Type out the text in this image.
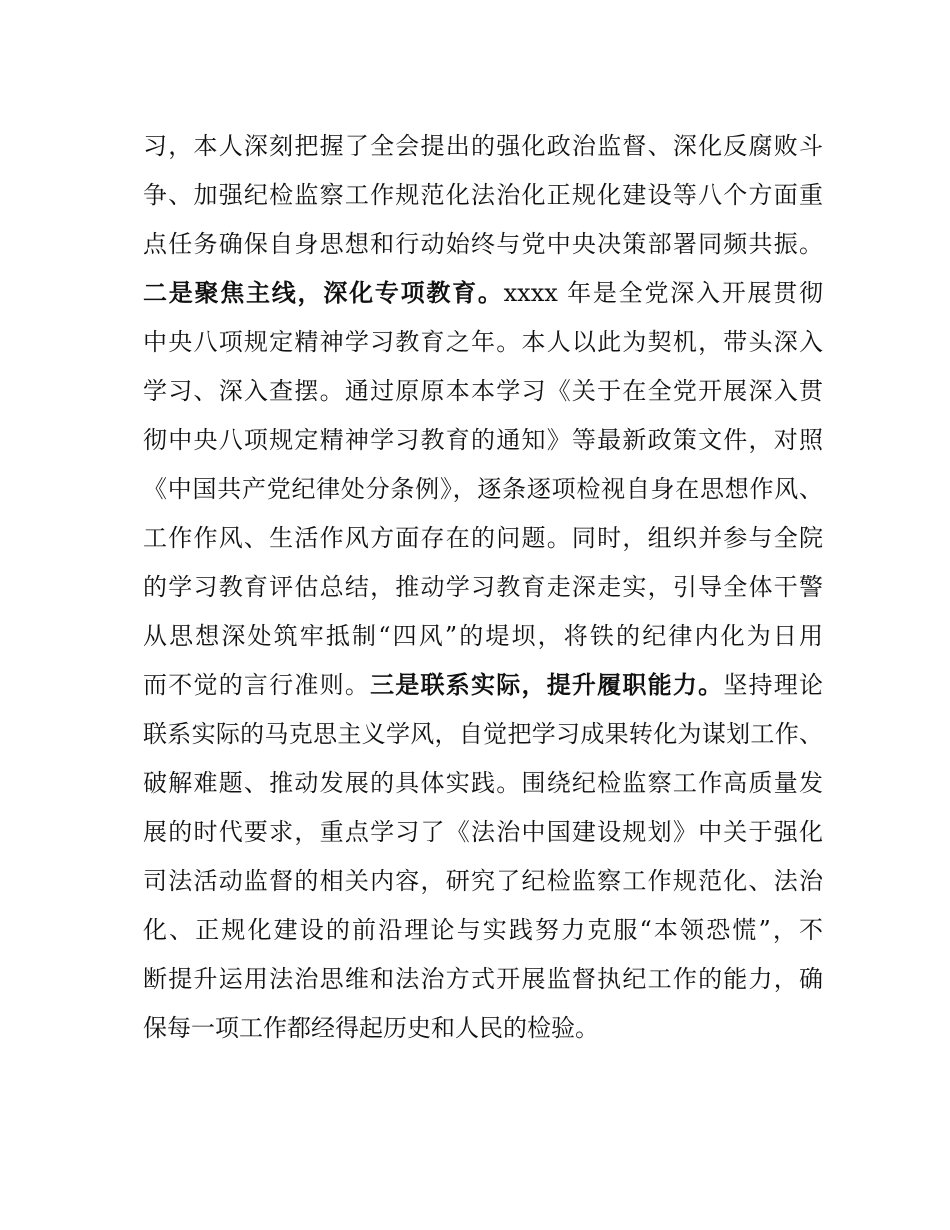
习，本人深刻把握了全会提出的强化政治监督、深化反腐败斗
争、加强纪检监察工作规范化法治化正规化建设等八个方面重
点任务确保自身思想和行动始终与党中央决策部署同频共振。
二是聚焦主线，深化专项教育。xxxx 年是全党深入开展贯彻
中央八项规定精神学习教育之年。本人以此为契机，带头深入
学习、深入查摆。通过原原本本学习《关于在全党开展深入贯
彻中央八项规定精神学习教育的通知》等最新政策文件，对照
《中国共产党纪律处分条例》，逐条逐项检视自身在思想作风、
工作作风、生活作风方面存在的问题。同时，组织并参与全院
的学习教育评估总结，推动学习教育走深走实，引导全体干警
从思想深处筑牢抵制“四风”的堤坝，将铁的纪律内化为日用
而不觉的言行准则。三是联系实际，提升履职能力。坚持理论
联系实际的马克思主义学风，自觉把学习成果转化为谋划工作、
破解难题、推动发展的具体实践。围绕纪检监察工作高质量发
展的时代要求，重点学习了《法治中国建设规划》中关于强化
司法活动监督的相关内容，研究了纪检监察工作规范化、法治
化、正规化建设的前沿理论与实践努力克服“本领恐慌”，不
断提升运用法治思维和法治方式开展监督执纪工作的能力，确
保每一项工作都经得起历史和人民的检验。
